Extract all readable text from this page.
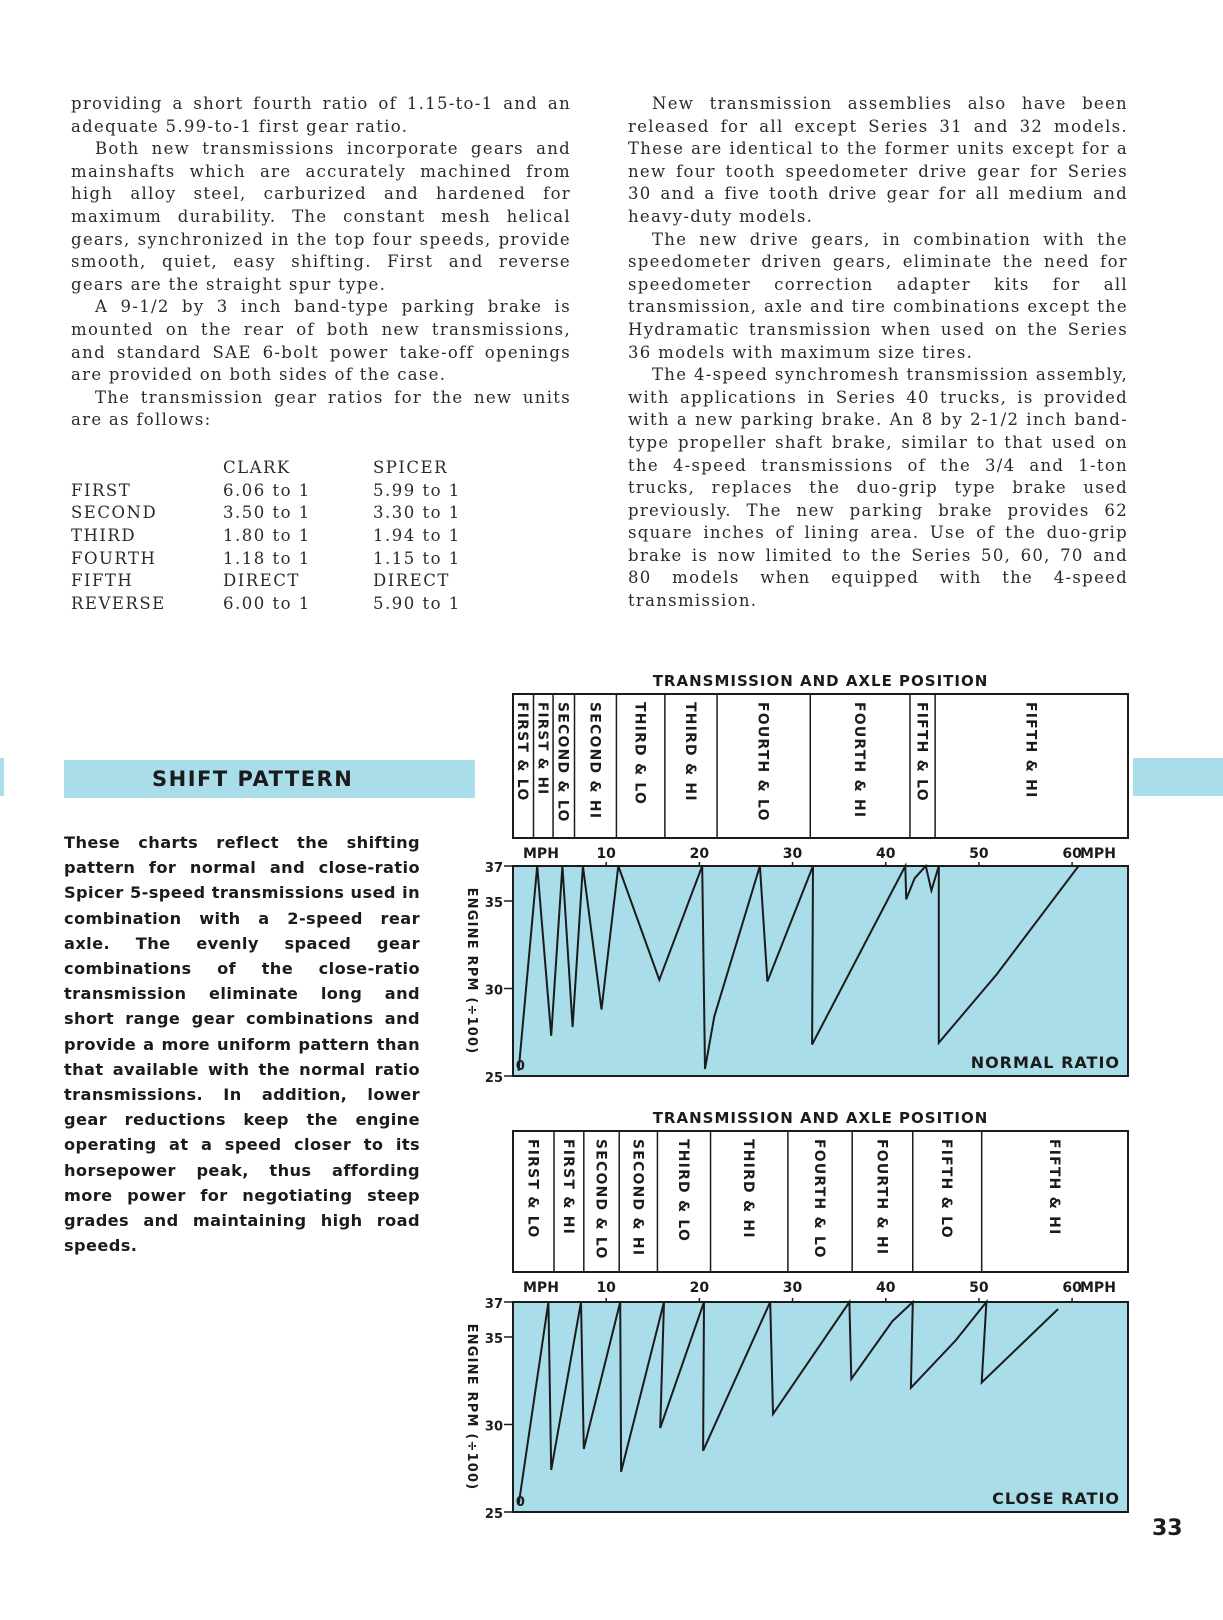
providing a short fourth ratio of 1.15-to-1 and an adequate 5.99-to-1 first gear ratio.

Both new transmissions incorporate gears and mainshafts which are accurately machined from high alloy steel, carburized and hardened for maximum durability. The constant mesh helical gears, synchronized in the top four speeds, provide smooth, quiet, easy shifting. First and reverse gears are the straight spur type.

A 9-1/2 by 3 inch band-type parking brake is mounted on the rear of both new transmissions, and standard SAE 6-bolt power take-off openings are provided on both sides of the case.

The transmission gear ratios for the new units are as follows:

	CLARK	SPICER
FIRST	6.06 to 1	5.99 to 1
SECOND	3.50 to 1	3.30 to 1
THIRD	1.80 to 1	1.94 to 1
FOURTH	1.18 to 1	1.15 to 1
FIFTH	DIRECT	DIRECT
REVERSE	6.00 to 1	5.90 to 1

New transmission assemblies also have been released for all except Series 31 and 32 models. These are identical to the former units except for a new four tooth speedometer drive gear for Series 30 and a five tooth drive gear for all medium and heavy-duty models.

The new drive gears, in combination with the speedometer driven gears, eliminate the need for speedometer correction adapter kits for all transmission, axle and tire combinations except the Hydramatic transmission when used on the Series 36 models with maximum size tires.

The 4-speed synchromesh transmission assembly, with applications in Series 40 trucks, is provided with a new parking brake. An 8 by 2-1/2 inch band-type propeller shaft brake, similar to that used on the 4-speed transmissions of the 3/4 and 1-ton trucks, replaces the duo-grip type brake used previously. The new parking brake provides 62 square inches of lining area. Use of the duo-grip brake is now limited to the Series 50, 60, 70 and 80 models when equipped with the 4-speed transmission.

SHIFT PATTERN
These charts reflect the shifting pattern for normal and close-ratio Spicer 5-speed transmissions used in combination with a 2-speed rear axle. The evenly spaced gear combinations of the close-ratio transmission eliminate long and short range gear combinations and provide a more uniform pattern than that available with the normal ratio transmissions. In addition, lower gear reductions keep the engine operating at a speed closer to its horsepower peak, thus affording more power for negotiating steep grades and maintaining high road speeds.
TRANSMISSION AND AXLE POSITION
FIRST & LO FIRST & HI SECOND & LO SECOND & HI THIRD & LO THIRD & HI	FOURTH & LO	FOURTH & HI	FIFTH & LO	FIFTH & HI
MPH	MPH
10	20	30	40	50	60
25
30
35
37
ENGINE RPM (÷100)
0	NORMAL RATIO
TRANSMISSION AND AXLE POSITION
FIRST & LO FIRST & HI SECOND & LO SECOND & HI THIRD & LO	THIRD & HI	FOURTH & LO	FOURTH & HI	FIFTH & LO	FIFTH & HI
MPH	MPH
10	20	30	40	50	60
25
30
35
37
ENGINE RPM (÷100)
0	CLOSE RATIO
33
